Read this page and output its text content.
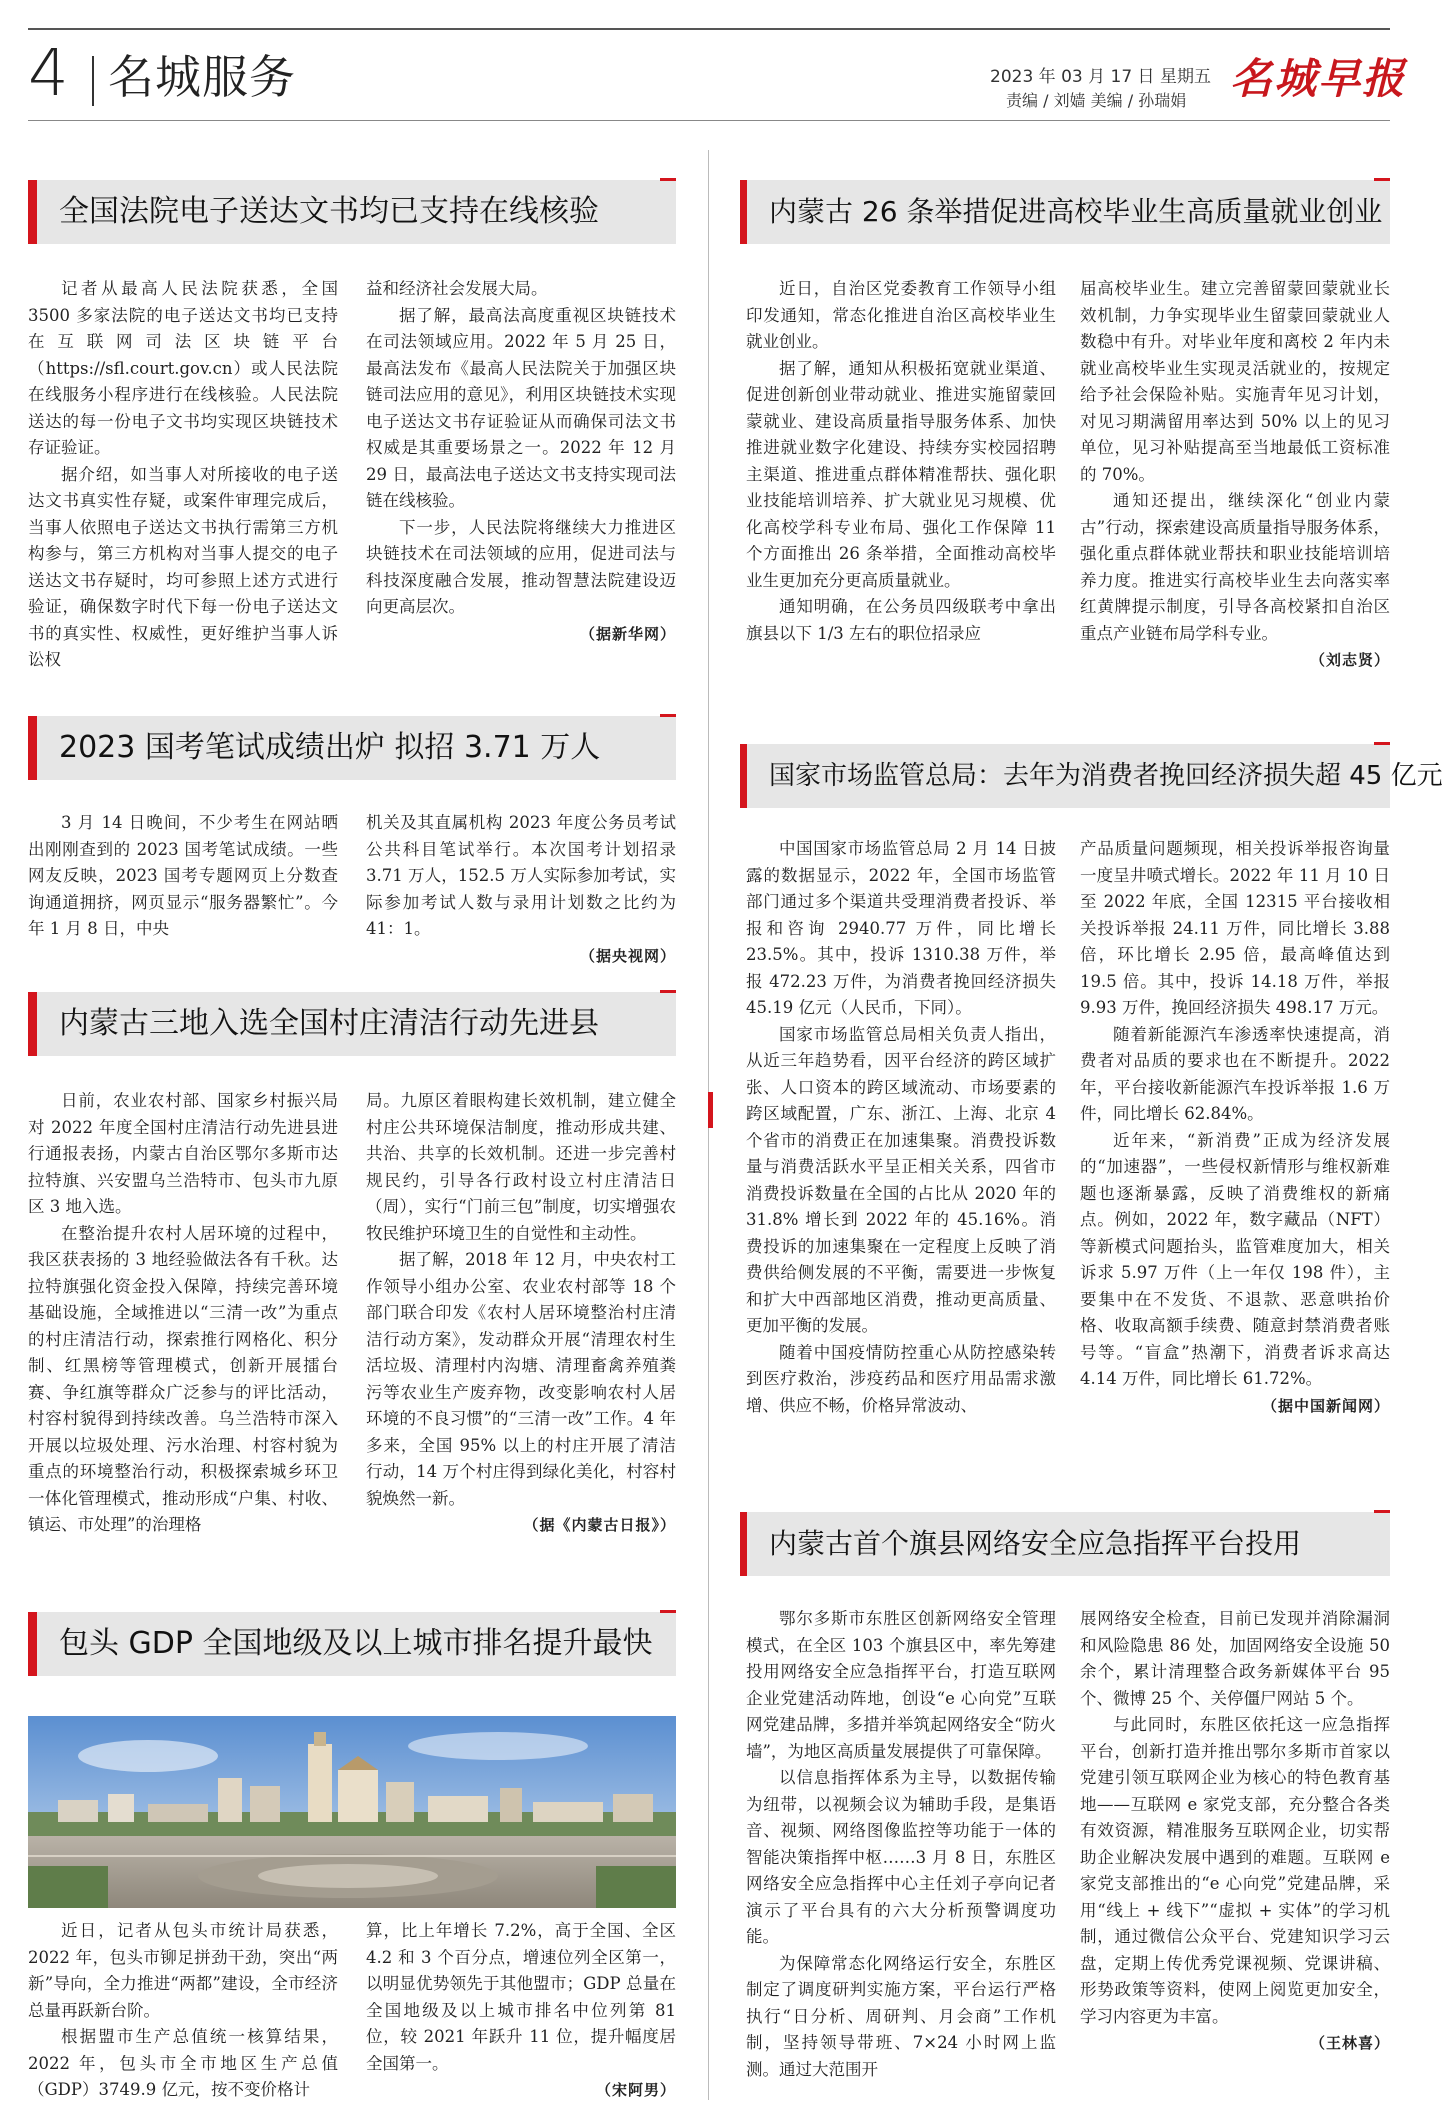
4 名城服务	2023 年 03 月 17 日 星期五
责编 / 刘嫱 美编 / 孙瑞娟 名城早报
全国法院电子送达文书均已支持在线核验

记者从最高人民法院获悉，全国 3500 多家法院的电子送达文书均已支持在互联网司法区块链平台（https://sfl.court.gov.cn）或人民法院在线服务小程序进行在线核验。人民法院送达的每一份电子文书均实现区块链技术存证验证。

据介绍，如当事人对所接收的电子送达文书真实性存疑，或案件审理完成后，当事人依照电子送达文书执行需第三方机构参与，第三方机构对当事人提交的电子送达文书存疑时，均可参照上述方式进行验证，确保数字时代下每一份电子送达文书的真实性、权威性，更好维护当事人诉讼权

益和经济社会发展大局。

据了解，最高法高度重视区块链技术在司法领域应用。2022 年 5 月 25 日，最高法发布《最高人民法院关于加强区块链司法应用的意见》，利用区块链技术实现电子送达文书存证验证从而确保司法文书权威是其重要场景之一。2022 年 12 月 29 日，最高法电子送达文书支持实现司法链在线核验。

下一步，人民法院将继续大力推进区块链技术在司法领域的应用，促进司法与科技深度融合发展，推动智慧法院建设迈向更高层次。

（据新华网）
2023 国考笔试成绩出炉 拟招 3.71 万人

3 月 14 日晚间，不少考生在网站晒出刚刚查到的 2023 国考笔试成绩。一些网友反映，2023 国考专题网页上分数查询通道拥挤，网页显示“服务器繁忙”。今年 1 月 8 日，中央

机关及其直属机构 2023 年度公务员考试公共科目笔试举行。本次国考计划招录 3.71 万人，152.5 万人实际参加考试，实际参加考试人数与录用计划数之比约为 41：1。

（据央视网）
内蒙古三地入选全国村庄清洁行动先进县

日前，农业农村部、国家乡村振兴局对 2022 年度全国村庄清洁行动先进县进行通报表扬，内蒙古自治区鄂尔多斯市达拉特旗、兴安盟乌兰浩特市、包头市九原区 3 地入选。

在整治提升农村人居环境的过程中，我区获表扬的 3 地经验做法各有千秋。达拉特旗强化资金投入保障，持续完善环境基础设施，全域推进以“三清一改”为重点的村庄清洁行动，探索推行网格化、积分制、红黑榜等管理模式，创新开展擂台赛、争红旗等群众广泛参与的评比活动，村容村貌得到持续改善。乌兰浩特市深入开展以垃圾处理、污水治理、村容村貌为重点的环境整治行动，积极探索城乡环卫一体化管理模式，推动形成“户集、村收、镇运、市处理”的治理格

局。九原区着眼构建长效机制，建立健全村庄公共环境保洁制度，推动形成共建、共治、共享的长效机制。还进一步完善村规民约，引导各行政村设立村庄清洁日（周），实行“门前三包”制度，切实增强农牧民维护环境卫生的自觉性和主动性。

据了解，2018 年 12 月，中央农村工作领导小组办公室、农业农村部等 18 个部门联合印发《农村人居环境整治村庄清洁行动方案》，发动群众开展“清理农村生活垃圾、清理村内沟塘、清理畜禽养殖粪污等农业生产废弃物，改变影响农村人居环境的不良习惯”的“三清一改”工作。4 年多来，全国 95% 以上的村庄开展了清洁行动，14 万个村庄得到绿化美化，村容村貌焕然一新。

（据《内蒙古日报》）
包头 GDP 全国地级及以上城市排名提升最快

近日，记者从包头市统计局获悉，2022 年，包头市铆足拼劲干劲，突出“两新”导向，全力推进“两都”建设，全市经济总量再跃新台阶。

根据盟市生产总值统一核算结果，2022 年，包头市全市地区生产总值（GDP）3749.9 亿元，按不变价格计

算，比上年增长 7.2%，高于全国、全区 4.2 和 3 个百分点，增速位列全区第一，以明显优势领先于其他盟市；GDP 总量在全国地级及以上城市排名中位列第 81 位，较 2021 年跃升 11 位，提升幅度居全国第一。

（宋阿男）
内蒙古 26 条举措促进高校毕业生高质量就业创业

近日，自治区党委教育工作领导小组印发通知，常态化推进自治区高校毕业生就业创业。

据了解，通知从积极拓宽就业渠道、促进创新创业带动就业、推进实施留蒙回蒙就业、建设高质量指导服务体系、加快推进就业数字化建设、持续夯实校园招聘主渠道、推进重点群体精准帮扶、强化职业技能培训培养、扩大就业见习规模、优化高校学科专业布局、强化工作保障 11 个方面推出 26 条举措，全面推动高校毕业生更加充分更高质量就业。

通知明确，在公务员四级联考中拿出旗县以下 1/3 左右的职位招录应

届高校毕业生。建立完善留蒙回蒙就业长效机制，力争实现毕业生留蒙回蒙就业人数稳中有升。对毕业年度和离校 2 年内未就业高校毕业生实现灵活就业的，按规定给予社会保险补贴。实施青年见习计划，对见习期满留用率达到 50% 以上的见习单位，见习补贴提高至当地最低工资标准的 70%。

通知还提出，继续深化“创业内蒙古”行动，探索建设高质量指导服务体系，强化重点群体就业帮扶和职业技能培训培养力度。推进实行高校毕业生去向落实率红黄牌提示制度，引导各高校紧扣自治区重点产业链布局学科专业。

（刘志贤）
国家市场监管总局：去年为消费者挽回经济损失超 45 亿元

中国国家市场监管总局 2 月 14 日披露的数据显示，2022 年，全国市场监管部门通过多个渠道共受理消费者投诉、举报和咨询 2940.77 万件，同比增长 23.5%。其中，投诉 1310.38 万件，举报 472.23 万件，为消费者挽回经济损失 45.19 亿元（人民币，下同）。

国家市场监管总局相关负责人指出，从近三年趋势看，因平台经济的跨区域扩张、人口资本的跨区域流动、市场要素的跨区域配置，广东、浙江、上海、北京 4 个省市的消费正在加速集聚。消费投诉数量与消费活跃水平呈正相关关系，四省市消费投诉数量在全国的占比从 2020 年的 31.8% 增长到 2022 年的 45.16%。消费投诉的加速集聚在一定程度上反映了消费供给侧发展的不平衡，需要进一步恢复和扩大中西部地区消费，推动更高质量、更加平衡的发展。

随着中国疫情防控重心从防控感染转到医疗救治，涉疫药品和医疗用品需求激增、供应不畅，价格异常波动、

产品质量问题频现，相关投诉举报咨询量一度呈井喷式增长。2022 年 11 月 10 日至 2022 年底，全国 12315 平台接收相关投诉举报 24.11 万件，同比增长 3.88 倍，环比增长 2.95 倍，最高峰值达到 19.5 倍。其中，投诉 14.18 万件，举报 9.93 万件，挽回经济损失 498.17 万元。

随着新能源汽车渗透率快速提高，消费者对品质的要求也在不断提升。2022 年，平台接收新能源汽车投诉举报 1.6 万件，同比增长 62.84%。

近年来，“新消费”正成为经济发展的“加速器”，一些侵权新情形与维权新难题也逐渐暴露，反映了消费维权的新痛点。例如，2022 年，数字藏品（NFT）等新模式问题抬头，监管难度加大，相关诉求 5.97 万件（上一年仅 198 件），主要集中在不发货、不退款、恶意哄抬价格、收取高额手续费、随意封禁消费者账号等。“盲盒”热潮下，消费者诉求高达 4.14 万件，同比增长 61.72%。

（据中国新闻网）
内蒙古首个旗县网络安全应急指挥平台投用

鄂尔多斯市东胜区创新网络安全管理模式，在全区 103 个旗县区中，率先筹建投用网络安全应急指挥平台，打造互联网企业党建活动阵地，创设“e 心向党”互联网党建品牌，多措并举筑起网络安全“防火墙”，为地区高质量发展提供了可靠保障。

以信息指挥体系为主导，以数据传输为纽带，以视频会议为辅助手段，是集语音、视频、网络图像监控等功能于一体的智能决策指挥中枢……3 月 8 日，东胜区网络安全应急指挥中心主任刘子亭向记者演示了平台具有的六大分析预警调度功能。

为保障常态化网络运行安全，东胜区制定了调度研判实施方案，平台运行严格执行“日分析、周研判、月会商”工作机制，坚持领导带班、7×24 小时网上监测。通过大范围开

展网络安全检查，目前已发现并消除漏洞和风险隐患 86 处，加固网络安全设施 50 余个，累计清理整合政务新媒体平台 95 个、微博 25 个、关停僵尸网站 5 个。

与此同时，东胜区依托这一应急指挥平台，创新打造并推出鄂尔多斯市首家以党建引领互联网企业为核心的特色教育基地——互联网 e 家党支部，充分整合各类有效资源，精准服务互联网企业，切实帮助企业解决发展中遇到的难题。互联网 e 家党支部推出的“e 心向党”党建品牌，采用“线上 + 线下”“虚拟 + 实体”的学习机制，通过微信公众平台、党建知识学习云盘，定期上传优秀党课视频、党课讲稿、形势政策等资料，使网上阅览更加安全，学习内容更为丰富。

（王林喜）
